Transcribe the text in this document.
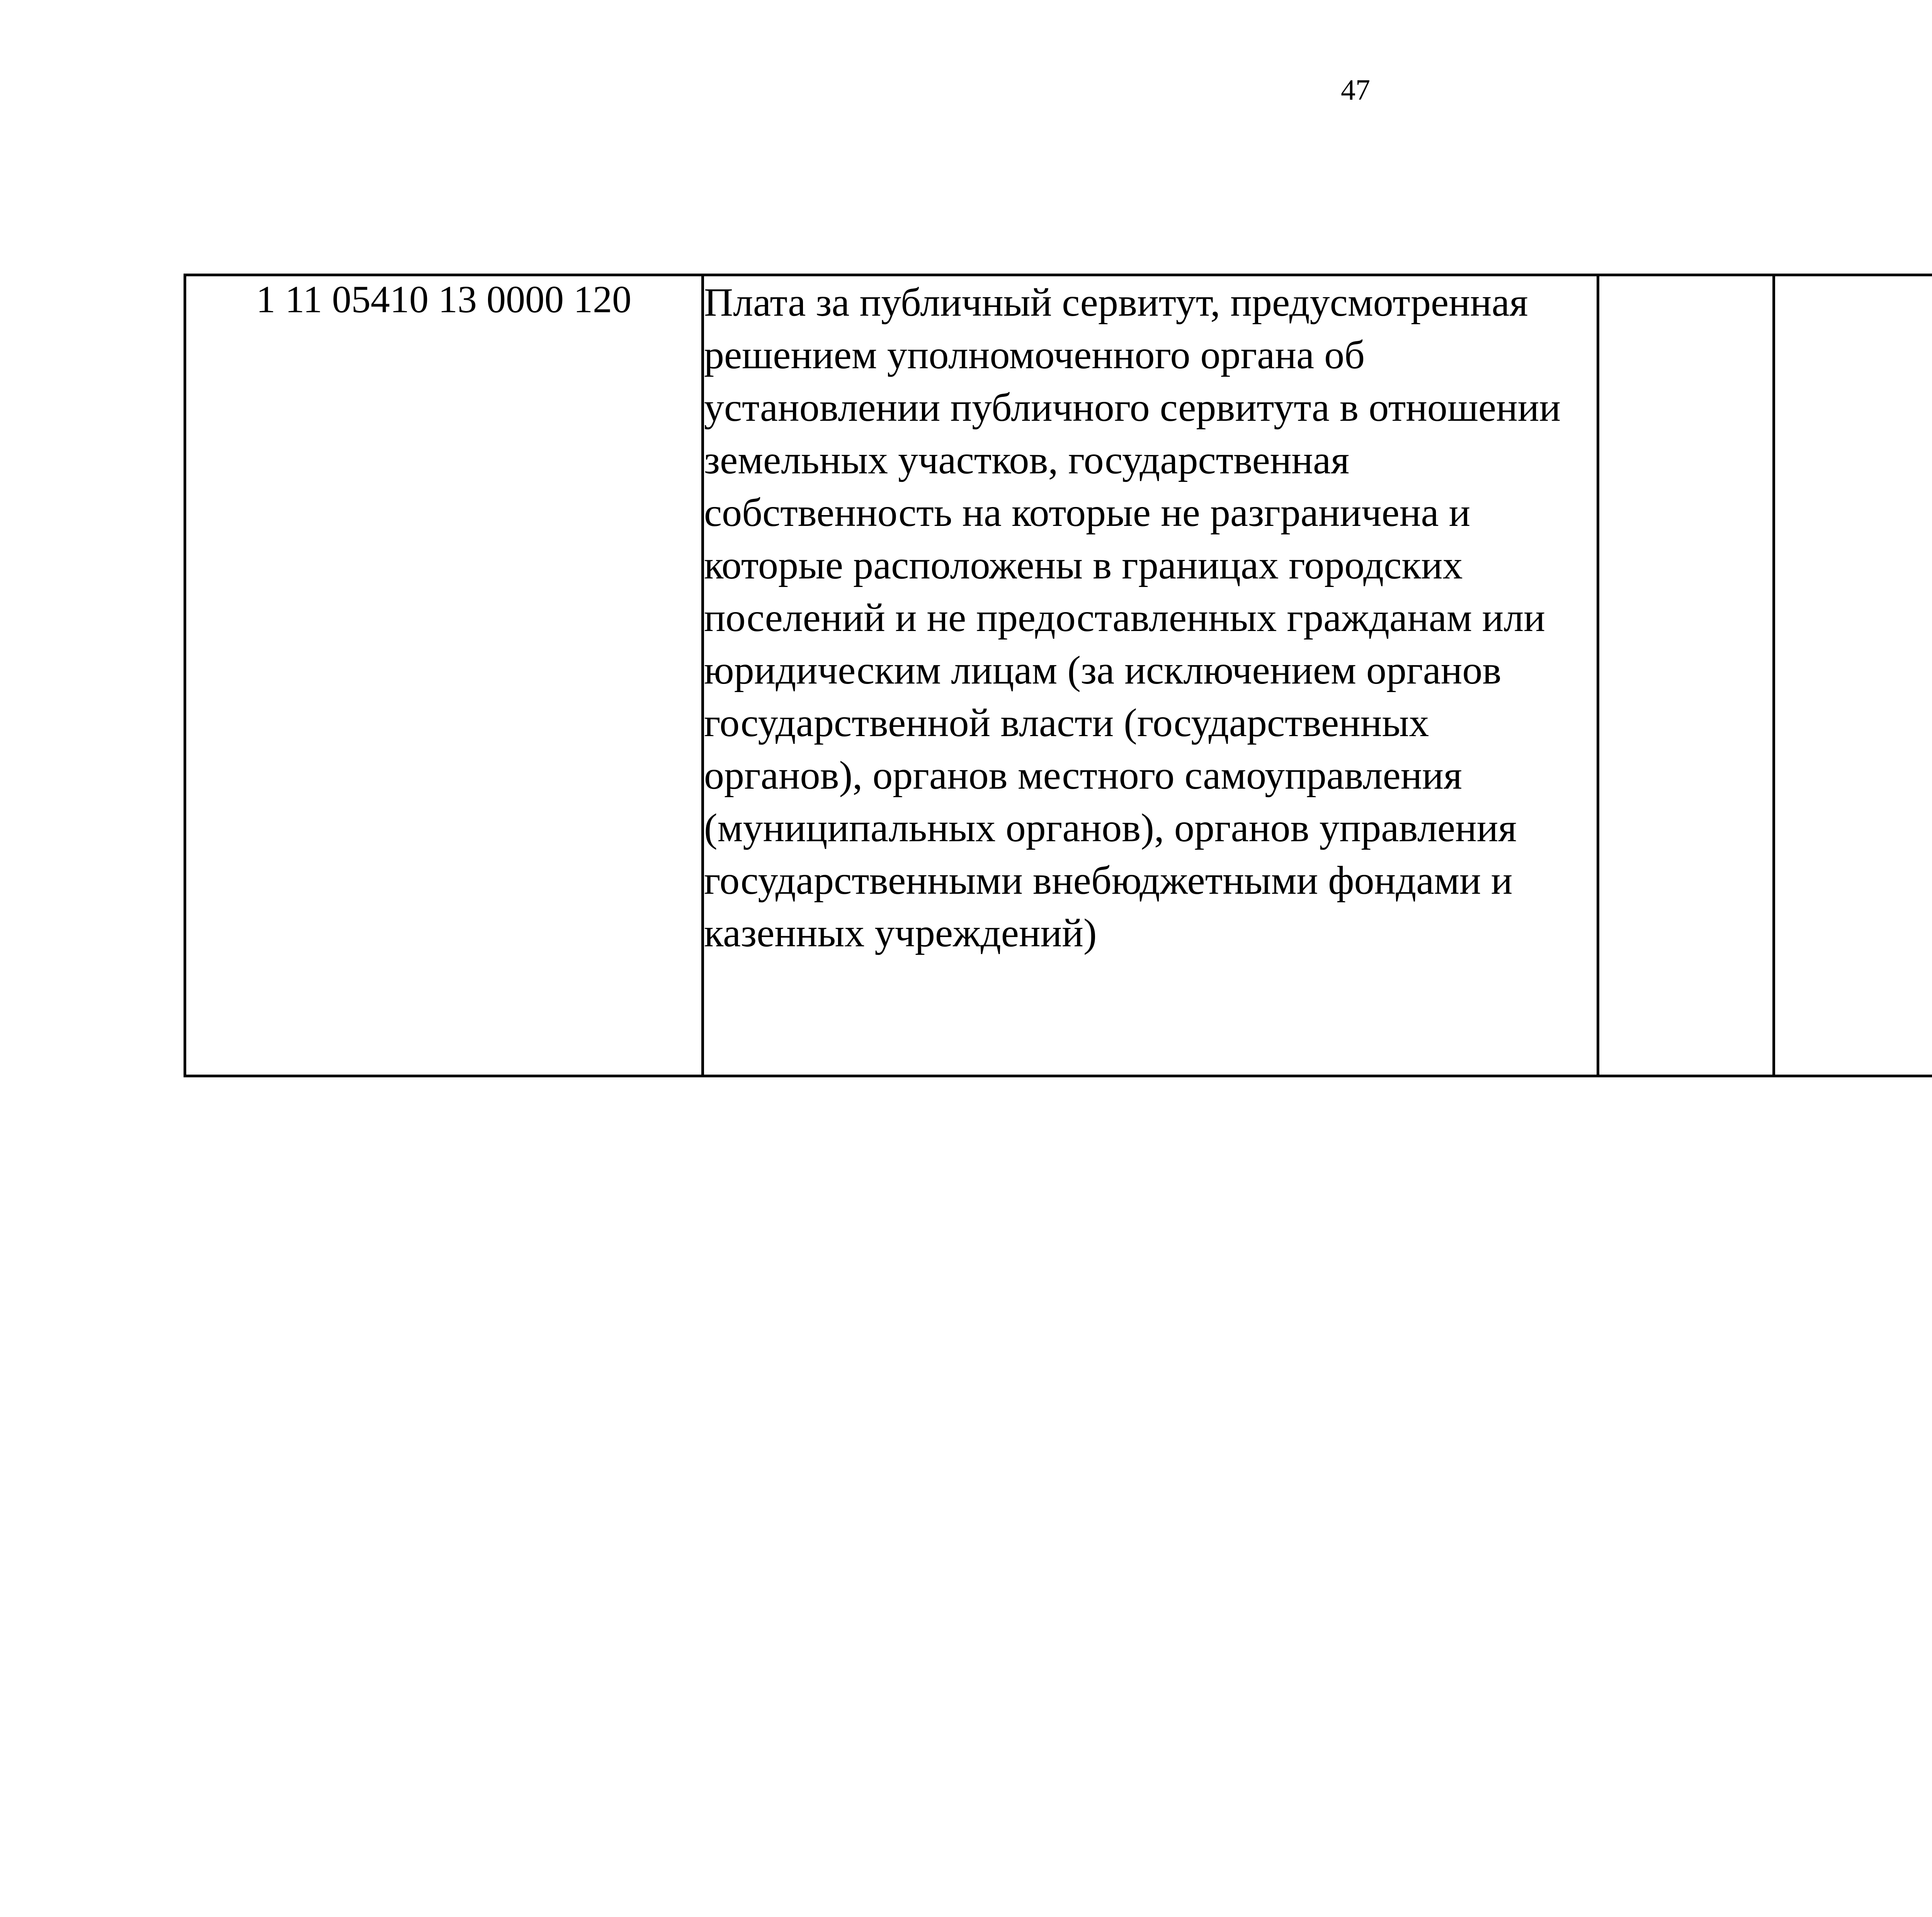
47
1 11 05410 13 0000 120	Плата за публичный сервитут, предусмотренная решением уполномоченного органа об установлении публичного сервитута в отношении земельных участков, государственная собственность на которые не разграничена и которые расположены в границах городских поселений и не предоставленных гражданам или юридическим лицам (за исключением органов государственной власти (государственных органов), органов местного самоуправления (муниципальных органов), органов управления государственными внебюджетными фондами и казенных учреждений)					
